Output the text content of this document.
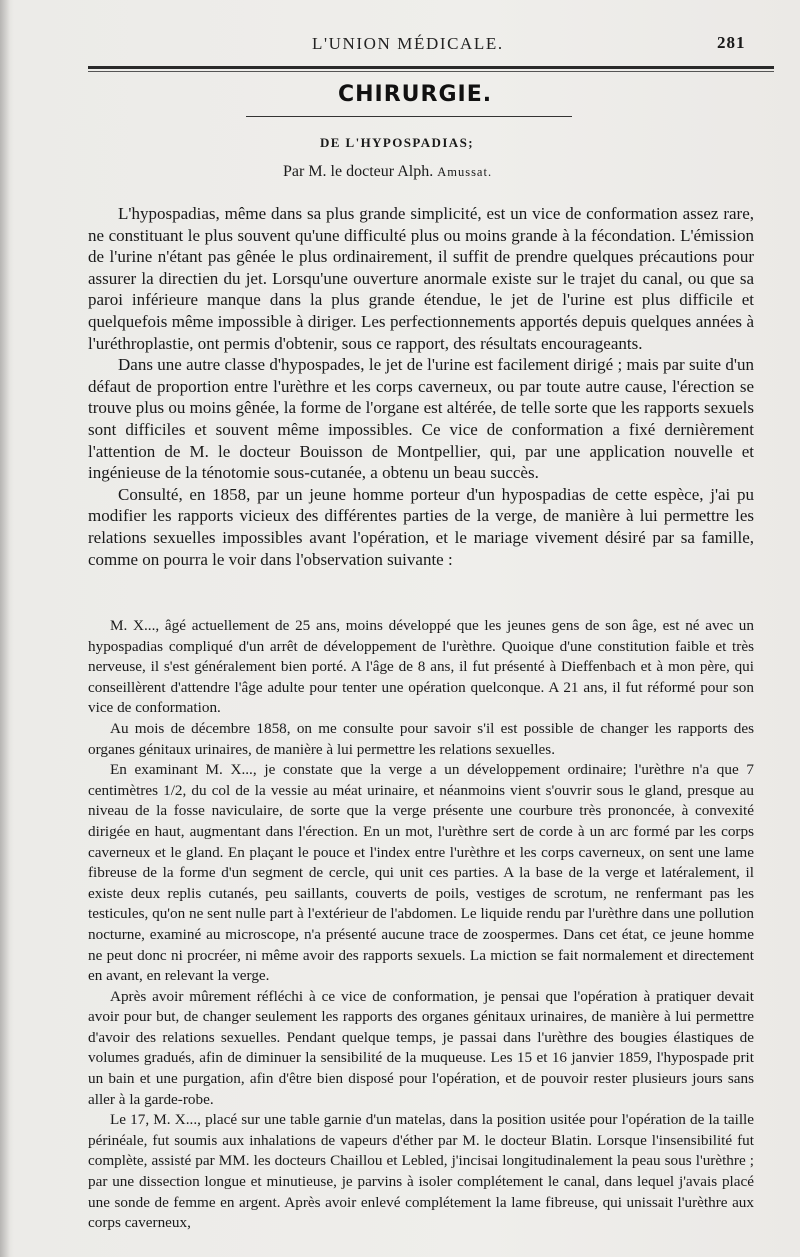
L'UNION MÉDICALE.	281
CHIRURGIE.
DE L'HYPOSPADIAS;
Par M. le docteur Alph. Amussat.

L'hypospadias, même dans sa plus grande simplicité, est un vice de conformation assez rare, ne constituant le plus souvent qu'une difficulté plus ou moins grande à la fécondation. L'émission de l'urine n'étant pas gênée le plus ordinairement, il suffit de prendre quelques précautions pour assurer la directien du jet. Lorsqu'une ouverture anormale existe sur le trajet du canal, ou que sa paroi inférieure manque dans la plus grande étendue, le jet de l'urine est plus difficile et quelquefois même impossible à diriger. Les perfectionnements apportés depuis quelques années à l'uréthroplastie, ont permis d'obtenir, sous ce rapport, des résultats encourageants.

Dans une autre classe d'hypospades, le jet de l'urine est facilement dirigé ; mais par suite d'un défaut de proportion entre l'urèthre et les corps caverneux, ou par toute autre cause, l'érection se trouve plus ou moins gênée, la forme de l'organe est altérée, de telle sorte que les rapports sexuels sont difficiles et souvent même impossibles. Ce vice de conformation a fixé dernièrement l'attention de M. le docteur Bouisson de Montpellier, qui, par une application nouvelle et ingénieuse de la ténotomie sous-cutanée, a obtenu un beau succès.

Consulté, en 1858, par un jeune homme porteur d'un hypospadias de cette espèce, j'ai pu modifier les rapports vicieux des différentes parties de la verge, de manière à lui permettre les relations sexuelles impossibles avant l'opération, et le mariage vivement désiré par sa famille, comme on pourra le voir dans l'observation suivante :

M. X..., âgé actuellement de 25 ans, moins développé que les jeunes gens de son âge, est né avec un hypospadias compliqué d'un arrêt de développement de l'urèthre. Quoique d'une constitution faible et très nerveuse, il s'est généralement bien porté. A l'âge de 8 ans, il fut présenté à Dieffenbach et à mon père, qui conseillèrent d'attendre l'âge adulte pour tenter une opération quelconque. A 21 ans, il fut réformé pour son vice de conformation.

Au mois de décembre 1858, on me consulte pour savoir s'il est possible de changer les rapports des organes génitaux urinaires, de manière à lui permettre les relations sexuelles.

En examinant M. X..., je constate que la verge a un développement ordinaire; l'urèthre n'a que 7 centimètres 1/2, du col de la vessie au méat urinaire, et néanmoins vient s'ouvrir sous le gland, presque au niveau de la fosse naviculaire, de sorte que la verge présente une courbure très prononcée, à convexité dirigée en haut, augmentant dans l'érection. En un mot, l'urèthre sert de corde à un arc formé par les corps caverneux et le gland. En plaçant le pouce et l'index entre l'urèthre et les corps caverneux, on sent une lame fibreuse de la forme d'un segment de cercle, qui unit ces parties. A la base de la verge et latéralement, il existe deux replis cutanés, peu saillants, couverts de poils, vestiges de scrotum, ne renfermant pas les testicules, qu'on ne sent nulle part à l'extérieur de l'abdomen. Le liquide rendu par l'urèthre dans une pollution nocturne, examiné au microscope, n'a présenté aucune trace de zoospermes. Dans cet état, ce jeune homme ne peut donc ni procréer, ni même avoir des rapports sexuels. La miction se fait normalement et directement en avant, en relevant la verge.

Après avoir mûrement réfléchi à ce vice de conformation, je pensai que l'opération à pratiquer devait avoir pour but, de changer seulement les rapports des organes génitaux urinaires, de manière à lui permettre d'avoir des relations sexuelles. Pendant quelque temps, je passai dans l'urèthre des bougies élastiques de volumes gradués, afin de diminuer la sensibilité de la muqueuse. Les 15 et 16 janvier 1859, l'hypospade prit un bain et une purgation, afin d'être bien disposé pour l'opération, et de pouvoir rester plusieurs jours sans aller à la garde-robe.

Le 17, M. X..., placé sur une table garnie d'un matelas, dans la position usitée pour l'opération de la taille périnéale, fut soumis aux inhalations de vapeurs d'éther par M. le docteur Blatin. Lorsque l'insensibilité fut complète, assisté par MM. les docteurs Chaillou et Lebled, j'incisai longitudinalement la peau sous l'urèthre ; par une dissection longue et minutieuse, je parvins à isoler complétement le canal, dans lequel j'avais placé une sonde de femme en argent. Après avoir enlevé complétement la lame fibreuse, qui unissait l'urèthre aux corps caverneux,
